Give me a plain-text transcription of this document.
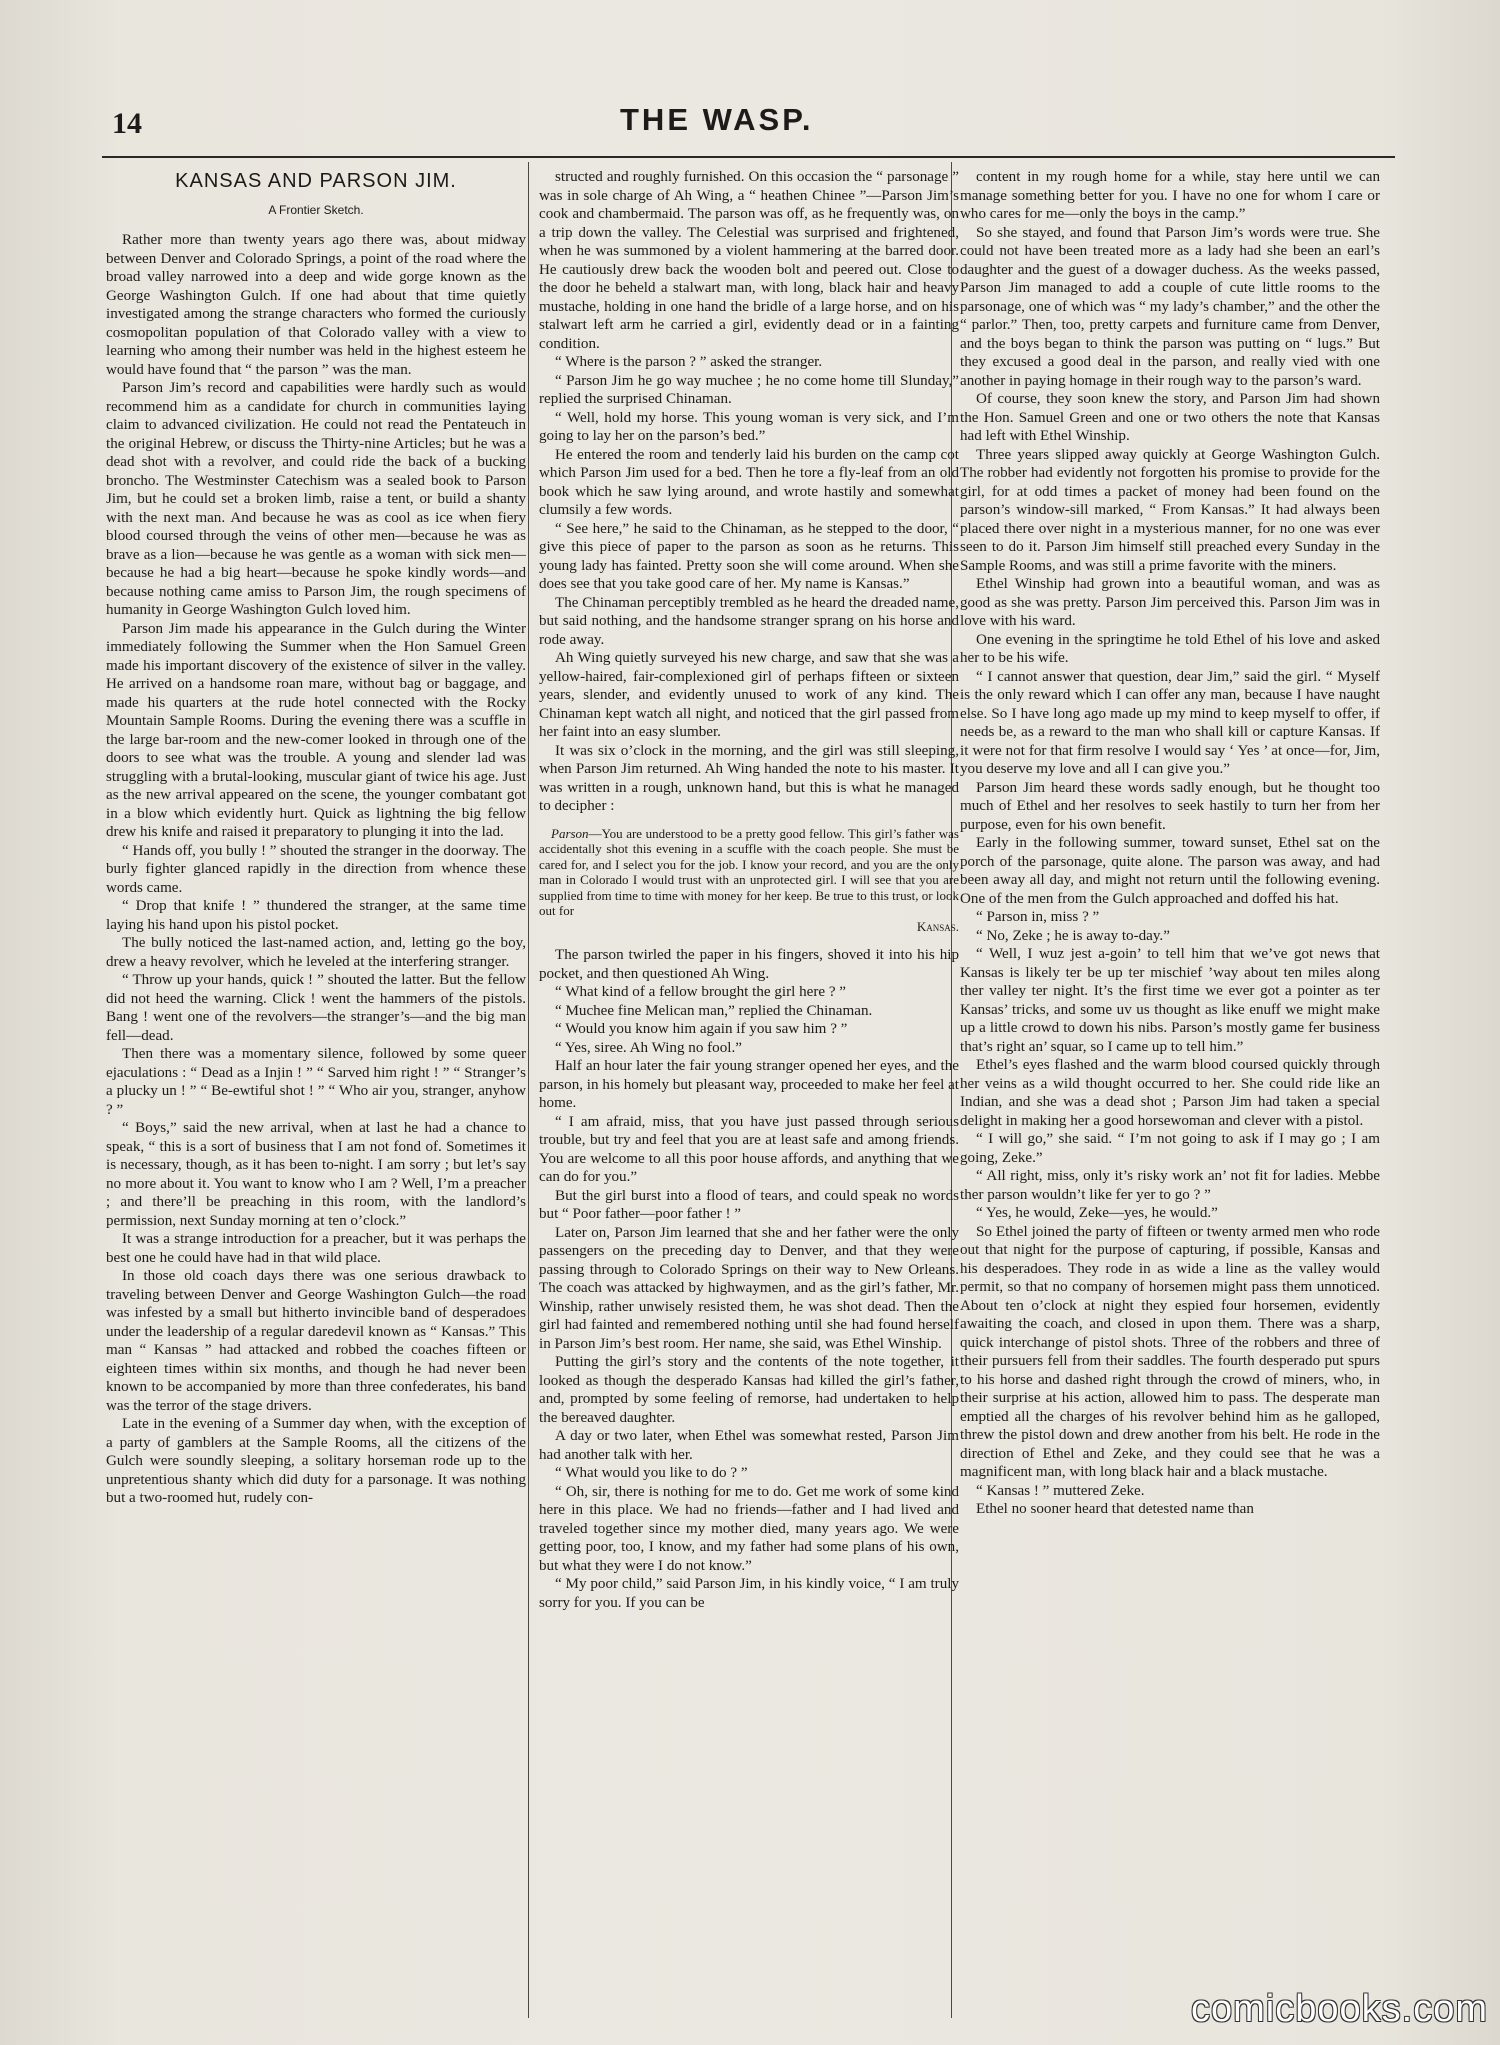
14	THE WASP.
KANSAS AND PARSON JIM.
A Frontier Sketch.

Rather more than twenty years ago there was, about midway between Denver and Colorado Springs, a point of the road where the broad valley narrowed into a deep and wide gorge known as the George Washington Gulch. If one had about that time quietly investigated among the strange characters who formed the curiously cosmopolitan population of that Colorado valley with a view to learning who among their number was held in the highest esteem he would have found that “ the parson ” was the man.

Parson Jim’s record and capabilities were hardly such as would recommend him as a candidate for church in communities laying claim to advanced civilization. He could not read the Pentateuch in the original Hebrew, or discuss the Thirty-nine Articles; but he was a dead shot with a revolver, and could ride the back of a bucking broncho. The Westminster Catechism was a sealed book to Parson Jim, but he could set a broken limb, raise a tent, or build a shanty with the next man. And because he was as cool as ice when fiery blood coursed through the veins of other men—because he was as brave as a lion—because he was gentle as a woman with sick men—because he had a big heart—because he spoke kindly words—and because nothing came amiss to Parson Jim, the rough specimens of humanity in George Washington Gulch loved him.

Parson Jim made his appearance in the Gulch during the Winter immediately following the Summer when the Hon Samuel Green made his important discovery of the existence of silver in the valley. He arrived on a handsome roan mare, without bag or baggage, and made his quarters at the rude hotel connected with the Rocky Mountain Sample Rooms. During the evening there was a scuffle in the large bar-room and the new-comer looked in through one of the doors to see what was the trouble. A young and slender lad was struggling with a brutal-looking, muscular giant of twice his age. Just as the new arrival appeared on the scene, the younger combatant got in a blow which evidently hurt. Quick as lightning the big fellow drew his knife and raised it preparatory to plunging it into the lad.

“ Hands off, you bully ! ” shouted the stranger in the doorway. The burly fighter glanced rapidly in the direction from whence these words came.

“ Drop that knife ! ” thundered the stranger, at the same time laying his hand upon his pistol pocket.

The bully noticed the last-named action, and, letting go the boy, drew a heavy revolver, which he leveled at the interfering stranger.

“ Throw up your hands, quick ! ” shouted the latter. But the fellow did not heed the warning. Click ! went the hammers of the pistols. Bang ! went one of the revolvers—the stranger’s—and the big man fell—dead.

Then there was a momentary silence, followed by some queer ejaculations : “ Dead as a Injin ! ” “ Sarved him right ! ” “ Stranger’s a plucky un ! ” “ Be-ewtiful shot ! ” “ Who air you, stranger, anyhow ? ”

“ Boys,” said the new arrival, when at last he had a chance to speak, “ this is a sort of business that I am not fond of. Sometimes it is necessary, though, as it has been to-night. I am sorry ; but let’s say no more about it. You want to know who I am ? Well, I’m a preacher ; and there’ll be preaching in this room, with the landlord’s permission, next Sunday morning at ten o’clock.”

It was a strange introduction for a preacher, but it was perhaps the best one he could have had in that wild place.

In those old coach days there was one serious drawback to traveling between Denver and George Washington Gulch—the road was infested by a small but hitherto invincible band of desperadoes under the leadership of a regular daredevil known as “ Kansas.” This man “ Kansas ” had attacked and robbed the coaches fifteen or eighteen times within six months, and though he had never been known to be accompanied by more than three confederates, his band was the terror of the stage drivers.

Late in the evening of a Summer day when, with the exception of a party of gamblers at the Sample Rooms, all the citizens of the Gulch were soundly sleeping, a solitary horseman rode up to the unpretentious shanty which did duty for a parsonage. It was nothing but a two-roomed hut, rudely con-

structed and roughly furnished. On this occasion the “ parsonage ” was in sole charge of Ah Wing, a “ heathen Chinee ”—Parson Jim’s cook and chambermaid. The parson was off, as he frequently was, on a trip down the valley. The Celestial was surprised and frightened, when he was summoned by a violent hammering at the barred door. He cautiously drew back the wooden bolt and peered out. Close to the door he beheld a stalwart man, with long, black hair and heavy mustache, holding in one hand the bridle of a large horse, and on his stalwart left arm he carried a girl, evidently dead or in a fainting condition.

“ Where is the parson ? ” asked the stranger.

“ Parson Jim he go way muchee ; he no come home till Slunday,” replied the surprised Chinaman.

“ Well, hold my horse. This young woman is very sick, and I’m going to lay her on the parson’s bed.”

He entered the room and tenderly laid his burden on the camp cot which Parson Jim used for a bed. Then he tore a fly-leaf from an old book which he saw lying around, and wrote hastily and somewhat clumsily a few words.

“ See here,” he said to the Chinaman, as he stepped to the door, “ give this piece of paper to the parson as soon as he returns. This young lady has fainted. Pretty soon she will come around. When she does see that you take good care of her. My name is Kansas.”

The Chinaman perceptibly trembled as he heard the dreaded name, but said nothing, and the handsome stranger sprang on his horse and rode away.

Ah Wing quietly surveyed his new charge, and saw that she was a yellow-haired, fair-complexioned girl of perhaps fifteen or sixteen years, slender, and evidently unused to work of any kind. The Chinaman kept watch all night, and noticed that the girl passed from her faint into an easy slumber.

It was six o’clock in the morning, and the girl was still sleeping, when Parson Jim returned. Ah Wing handed the note to his master. It was written in a rough, unknown hand, but this is what he managed to decipher :

Parson—You are understood to be a pretty good fellow. This girl’s father was accidentally shot this evening in a scuffle with the coach people. She must be cared for, and I select you for the job. I know your record, and you are the only man in Colorado I would trust with an unprotected girl. I will see that you are supplied from time to time with money for her keep. Be true to this trust, or look out for

Kansas.

The parson twirled the paper in his fingers, shoved it into his hip pocket, and then questioned Ah Wing.

“ What kind of a fellow brought the girl here ? ”

“ Muchee fine Melican man,” replied the Chinaman.

“ Would you know him again if you saw him ? ”

“ Yes, siree. Ah Wing no fool.”

Half an hour later the fair young stranger opened her eyes, and the parson, in his homely but pleasant way, proceeded to make her feel at home.

“ I am afraid, miss, that you have just passed through serious trouble, but try and feel that you are at least safe and among friends. You are welcome to all this poor house affords, and anything that we can do for you.”

But the girl burst into a flood of tears, and could speak no words but “ Poor father—poor father ! ”

Later on, Parson Jim learned that she and her father were the only passengers on the preceding day to Denver, and that they were passing through to Colorado Springs on their way to New Orleans. The coach was attacked by highwaymen, and as the girl’s father, Mr. Winship, rather unwisely resisted them, he was shot dead. Then the girl had fainted and remembered nothing until she had found herself in Parson Jim’s best room. Her name, she said, was Ethel Winship.

Putting the girl’s story and the contents of the note together, it looked as though the desperado Kansas had killed the girl’s father, and, prompted by some feeling of remorse, had undertaken to help the bereaved daughter.

A day or two later, when Ethel was somewhat rested, Parson Jim had another talk with her.

“ What would you like to do ? ”

“ Oh, sir, there is nothing for me to do. Get me work of some kind here in this place. We had no friends—father and I had lived and traveled together since my mother died, many years ago. We were getting poor, too, I know, and my father had some plans of his own, but what they were I do not know.”

“ My poor child,” said Parson Jim, in his kindly voice, “ I am truly sorry for you. If you can be

content in my rough home for a while, stay here until we can manage something better for you. I have no one for whom I care or who cares for me—only the boys in the camp.”

So she stayed, and found that Parson Jim’s words were true. She could not have been treated more as a lady had she been an earl’s daughter and the guest of a dowager duchess. As the weeks passed, Parson Jim managed to add a couple of cute little rooms to the parsonage, one of which was “ my lady’s chamber,” and the other the “ parlor.” Then, too, pretty carpets and furniture came from Denver, and the boys began to think the parson was putting on “ lugs.” But they excused a good deal in the parson, and really vied with one another in paying homage in their rough way to the parson’s ward.

Of course, they soon knew the story, and Parson Jim had shown the Hon. Samuel Green and one or two others the note that Kansas had left with Ethel Winship.

Three years slipped away quickly at George Washington Gulch. The robber had evidently not forgotten his promise to provide for the girl, for at odd times a packet of money had been found on the parson’s window-sill marked, “ From Kansas.” It had always been placed there over night in a mysterious manner, for no one was ever seen to do it. Parson Jim himself still preached every Sunday in the Sample Rooms, and was still a prime favorite with the miners.

Ethel Winship had grown into a beautiful woman, and was as good as she was pretty. Parson Jim perceived this. Parson Jim was in love with his ward.

One evening in the springtime he told Ethel of his love and asked her to be his wife.

“ I cannot answer that question, dear Jim,” said the girl. “ Myself is the only reward which I can offer any man, because I have naught else. So I have long ago made up my mind to keep myself to offer, if needs be, as a reward to the man who shall kill or capture Kansas. If it were not for that firm resolve I would say ‘ Yes ’ at once—for, Jim, you deserve my love and all I can give you.”

Parson Jim heard these words sadly enough, but he thought too much of Ethel and her resolves to seek hastily to turn her from her purpose, even for his own benefit.

Early in the following summer, toward sunset, Ethel sat on the porch of the parsonage, quite alone. The parson was away, and had been away all day, and might not return until the following evening. One of the men from the Gulch approached and doffed his hat.

“ Parson in, miss ? ”

“ No, Zeke ; he is away to-day.”

“ Well, I wuz jest a-goin’ to tell him that we’ve got news that Kansas is likely ter be up ter mischief ’way about ten miles along ther valley ter night. It’s the first time we ever got a pointer as ter Kansas’ tricks, and some uv us thought as like enuff we might make up a little crowd to down his nibs. Parson’s mostly game fer business that’s right an’ squar, so I came up to tell him.”

Ethel’s eyes flashed and the warm blood coursed quickly through her veins as a wild thought occurred to her. She could ride like an Indian, and she was a dead shot ; Parson Jim had taken a special delight in making her a good horsewoman and clever with a pistol.

“ I will go,” she said. “ I’m not going to ask if I may go ; I am going, Zeke.”

“ All right, miss, only it’s risky work an’ not fit for ladies. Mebbe ther parson wouldn’t like fer yer to go ? ”

“ Yes, he would, Zeke—yes, he would.”

So Ethel joined the party of fifteen or twenty armed men who rode out that night for the purpose of capturing, if possible, Kansas and his desperadoes. They rode in as wide a line as the valley would permit, so that no company of horsemen might pass them unnoticed. About ten o’clock at night they espied four horsemen, evidently awaiting the coach, and closed in upon them. There was a sharp, quick interchange of pistol shots. Three of the robbers and three of their pursuers fell from their saddles. The fourth desperado put spurs to his horse and dashed right through the crowd of miners, who, in their surprise at his action, allowed him to pass. The desperate man emptied all the charges of his revolver behind him as he galloped, threw the pistol down and drew another from his belt. He rode in the direction of Ethel and Zeke, and they could see that he was a magnificent man, with long black hair and a black mustache.

“ Kansas ! ” muttered Zeke.

Ethel no sooner heard that detested name than

comicbooks.com
